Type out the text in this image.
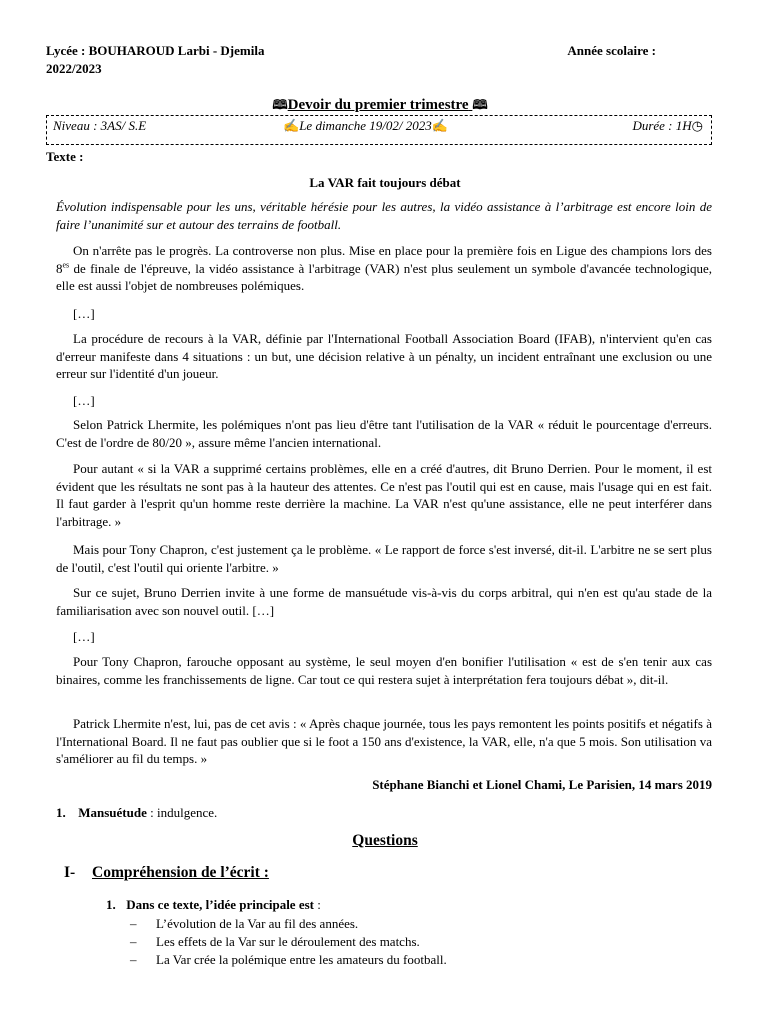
Lycée : BOUHAROUD Larbi - Djemila	Année scolaire :
2022/2023
🕮Devoir du premier trimestre 🕮
Niveau : 3AS/ S.E	✍Le dimanche 19/02/ 2023✍	Durée : 1H◷
Texte :
La VAR fait toujours débat
Évolution indispensable pour les uns, véritable hérésie pour les autres, la vidéo assistance à l’arbitrage est encore loin de faire l’unanimité sur et autour des terrains de football.
On n'arrête pas le progrès. La controverse non plus. Mise en place pour la première fois en Ligue des champions lors des $8^{es}$ de finale de l'épreuve, la vidéo assistance à l'arbitrage (VAR) n'est plus seulement un symbole d'avancée technologique, elle est aussi l'objet de nombreuses polémiques.
[…]
La procédure de recours à la VAR, définie par l'International Football Association Board (IFAB), n'intervient qu'en cas d'erreur manifeste dans 4 situations : un but, une décision relative à un pénalty, un incident entraînant une exclusion ou une erreur sur l'identité d'un joueur.
[…]
Selon Patrick Lhermite, les polémiques n'ont pas lieu d'être tant l'utilisation de la VAR « réduit le pourcentage d'erreurs. C'est de l'ordre de 80/20 », assure même l'ancien international.
Pour autant « si la VAR a supprimé certains problèmes, elle en a créé d'autres, dit Bruno Derrien. Pour le moment, il est évident que les résultats ne sont pas à la hauteur des attentes. Ce n'est pas l'outil qui est en cause, mais l'usage qui en est fait. Il faut garder à l'esprit qu'un homme reste derrière la machine. La VAR n'est qu'une assistance, elle ne peut interférer dans l'arbitrage. »
Mais pour Tony Chapron, c'est justement ça le problème. « Le rapport de force s'est inversé, dit-il. L'arbitre ne se sert plus de l'outil, c'est l'outil qui oriente l'arbitre. »
Sur ce sujet, Bruno Derrien invite à une forme de mansuétude vis-à-vis du corps arbitral, qui n'en est qu'au stade de la familiarisation avec son nouvel outil. […]
[…]
Pour Tony Chapron, farouche opposant au système, le seul moyen d'en bonifier l'utilisation « est de s'en tenir aux cas binaires, comme les franchissements de ligne. Car tout ce qui restera sujet à interprétation fera toujours débat », dit-il.
Patrick Lhermite n'est, lui, pas de cet avis : « Après chaque journée, tous les pays remontent les points positifs et négatifs à l'International Board. Il ne faut pas oublier que si le foot a 150 ans d'existence, la VAR, elle, n'a que 5 mois. Son utilisation va s'améliorer au fil du temps. »
Stéphane Bianchi et Lionel Chami, Le Parisien, 14 mars 2019
1. Mansuétude : indulgence.
Questions
I- Compréhension de l’écrit :
1. Dans ce texte, l’idée principale est :
– L’évolution de la Var au fil des années.
– Les effets de la Var sur le déroulement des matchs.
– La Var crée la polémique entre les amateurs du football.
